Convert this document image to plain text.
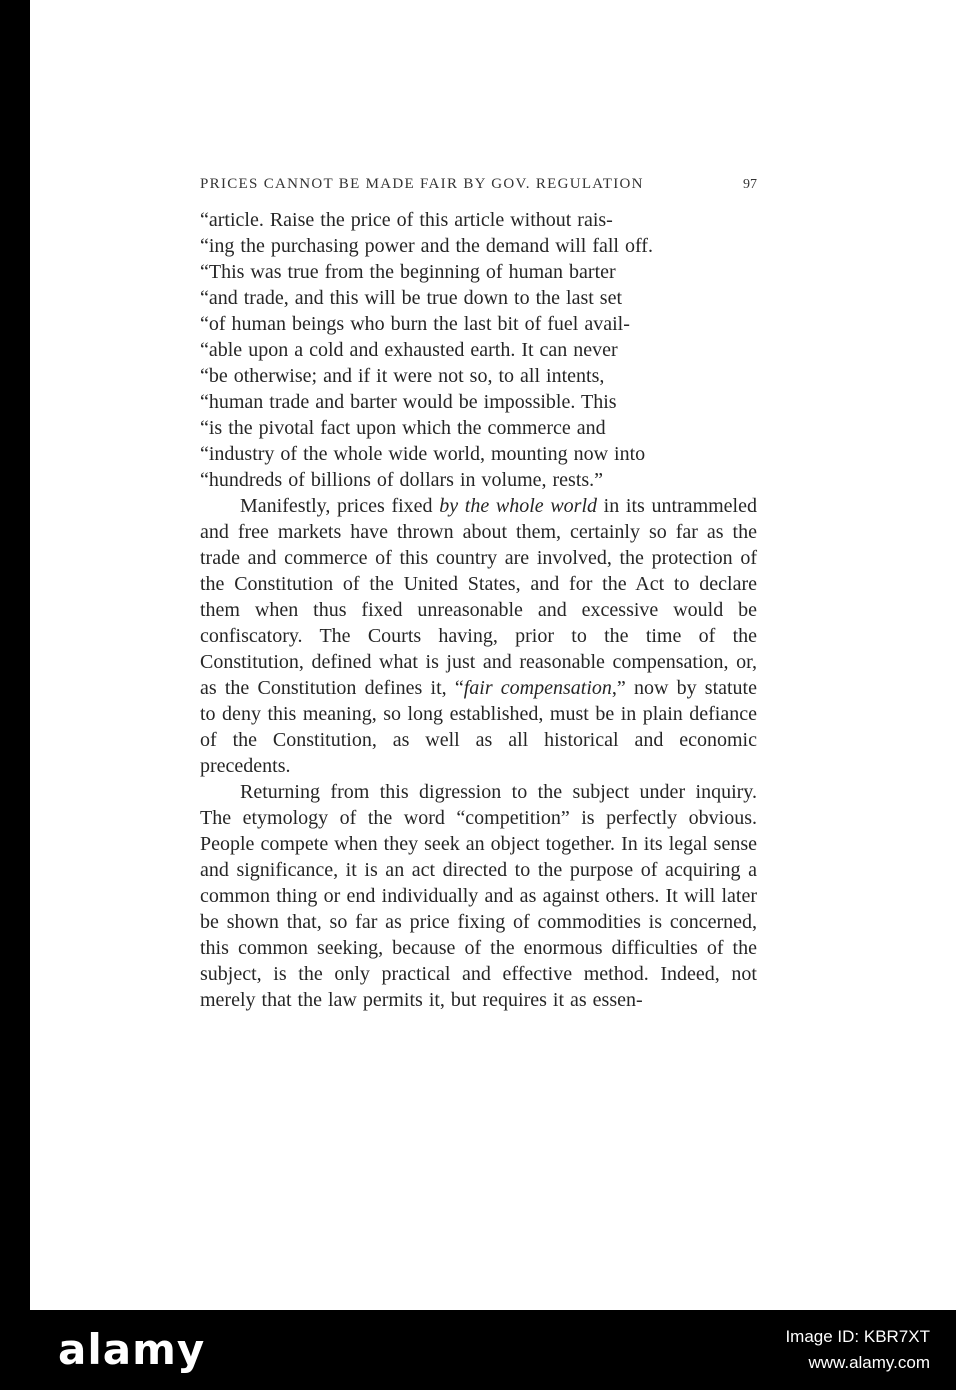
PRICES CANNOT BE MADE FAIR BY GOV. REGULATION	97
“article. Raise the price of this article without rais-
“ing the purchasing power and the demand will fall off.
“This was true from the beginning of human barter
“and trade, and this will be true down to the last set
“of human beings who burn the last bit of fuel avail-
“able upon a cold and exhausted earth. It can never
“be otherwise; and if it were not so, to all intents,
“human trade and barter would be impossible. This
“is the pivotal fact upon which the commerce and
“industry of the whole wide world, mounting now into
“hundreds of billions of dollars in volume, rests.”

Manifestly, prices fixed by the whole world in its untrammeled and free markets have thrown about them, certainly so far as the trade and commerce of this country are involved, the protection of the Constitution of the United States, and for the Act to declare them when thus fixed unreasonable and excessive would be confiscatory. The Courts having, prior to the time of the Constitution, defined what is just and reasonable compensation, or, as the Constitution defines it, “fair compensation,” now by statute to deny this meaning, so long established, must be in plain defiance of the Constitution, as well as all historical and economic precedents.

Returning from this digression to the subject under inquiry. The etymology of the word “competition” is perfectly obvious. People compete when they seek an object together. In its legal sense and significance, it is an act directed to the purpose of acquiring a common thing or end individually and as against others. It will later be shown that, so far as price fixing of commodities is concerned, this common seeking, because of the enormous difficulties of the subject, is the only practical and effective method. Indeed, not merely that the law permits it, but requires it as essen-

alamy	Image ID: KBR7XT
www.alamy.com
